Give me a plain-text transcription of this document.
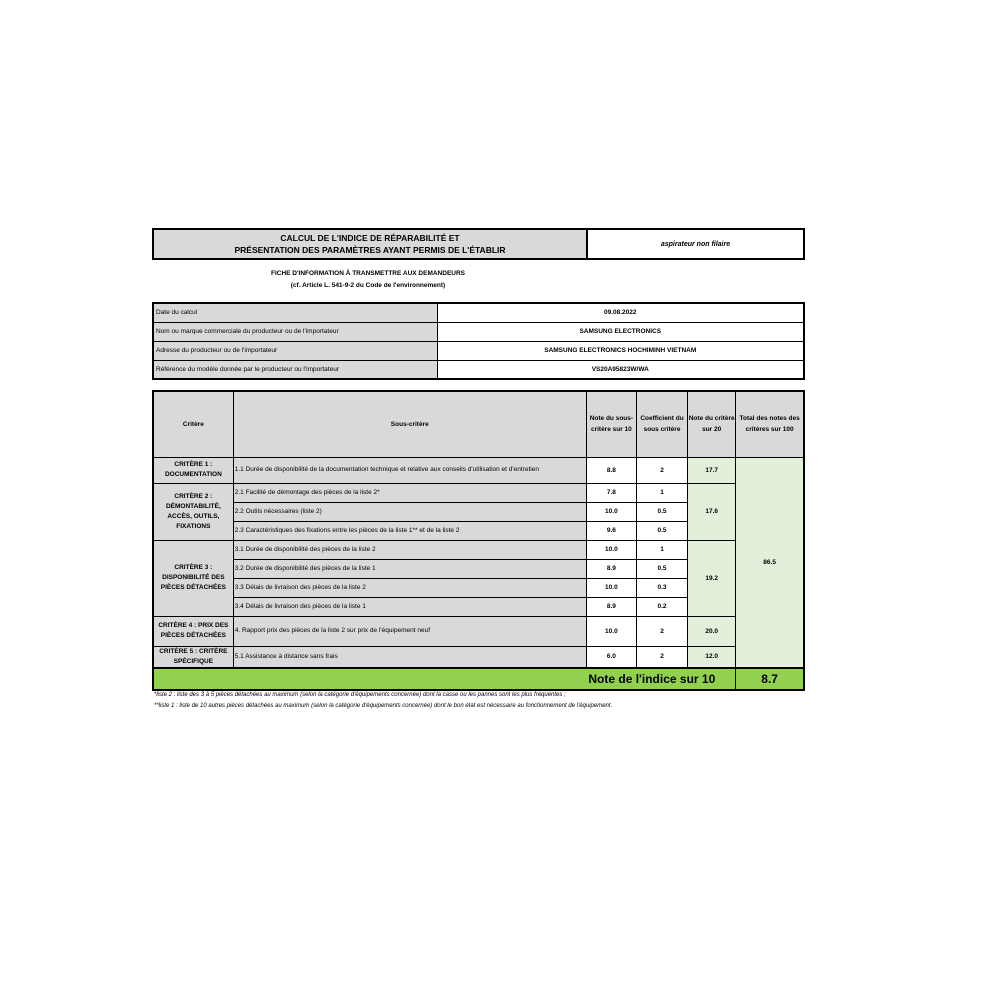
CALCUL DE L'INDICE DE RÉPARABILITÉ ET
PRÉSENTATION DES PARAMÈTRES AYANT PERMIS DE L'ÉTABLIR
aspirateur non filaire
FICHE D'INFORMATION À TRANSMETTRE AUX DEMANDEURS
(cf. Article L. 541-9-2 du Code de l'environnement)
Date du calcul	09.08.2022
Nom ou marque commerciale du producteur ou de l'importateur	SAMSUNG ELECTRONICS
Adresse du producteur ou de l'importateur	SAMSUNG ELECTRONICS HOCHIMINH VIETNAM
Référence du modèle donnée par le producteur ou l'importateur	VS20A95823W/WA
Critère	Sous-critère	Note du sous-critère sur 10	Coefficient du sous critère	Note du critère sur 20	Total des notes des critères sur 100
CRITÈRE 1 : DOCUMENTATION	1.1 Durée de disponibilité de la documentation technique et relative aux conseils d'utilisation et d'entretien	8.8	2	17.7	86.5
CRITÈRE 2 : DÉMONTABILITÉ, ACCÈS, OUTILS, FIXATIONS	2.1 Facilité de démontage des pièces de la liste 2*	7.8	1	17.6	
	2.2 Outils nécessaires (liste 2)	10.0	0.5		
	2.3 Caractéristiques des fixations entre les pièces de la liste 1** et de la liste 2	9.6	0.5		
CRITÈRE 3 : DISPONIBILITÉ DES PIÈCES DÉTACHÉES	3.1 Durée de disponibilité des pièces de la liste 2	10.0	1	19.2	
	3.2 Durée de disponibilité des pièces de la liste 1	8.9	0.5		
	3.3 Délais de livraison des pièces de la liste 2	10.0	0.3		
	3.4 Délais de livraison des pièces de la liste 1	8.9	0.2		
CRITÈRE 4 : PRIX DES PIÈCES DÉTACHÉES	4. Rapport prix des pièces de la liste 2 sur prix de l'équipement neuf	10.0	2	20.0	
CRITÈRE 5 : CRITÈRE SPÉCIFIQUE	5.1 Assistance à distance sans frais	6.0	2	12.0	
Note de l'indice sur 10					8.7
*liste 2 : liste des 3 à 5 pièces détachées au maximum (selon la catégorie d'équipements concernée) dont la casse ou les pannes sont les plus fréquentes ;
**liste 1 : liste de 10 autres pièces détachées au maximum (selon la catégorie d'équipements concernée) dont le bon état est nécessaire au fonctionnement de l'équipement.
